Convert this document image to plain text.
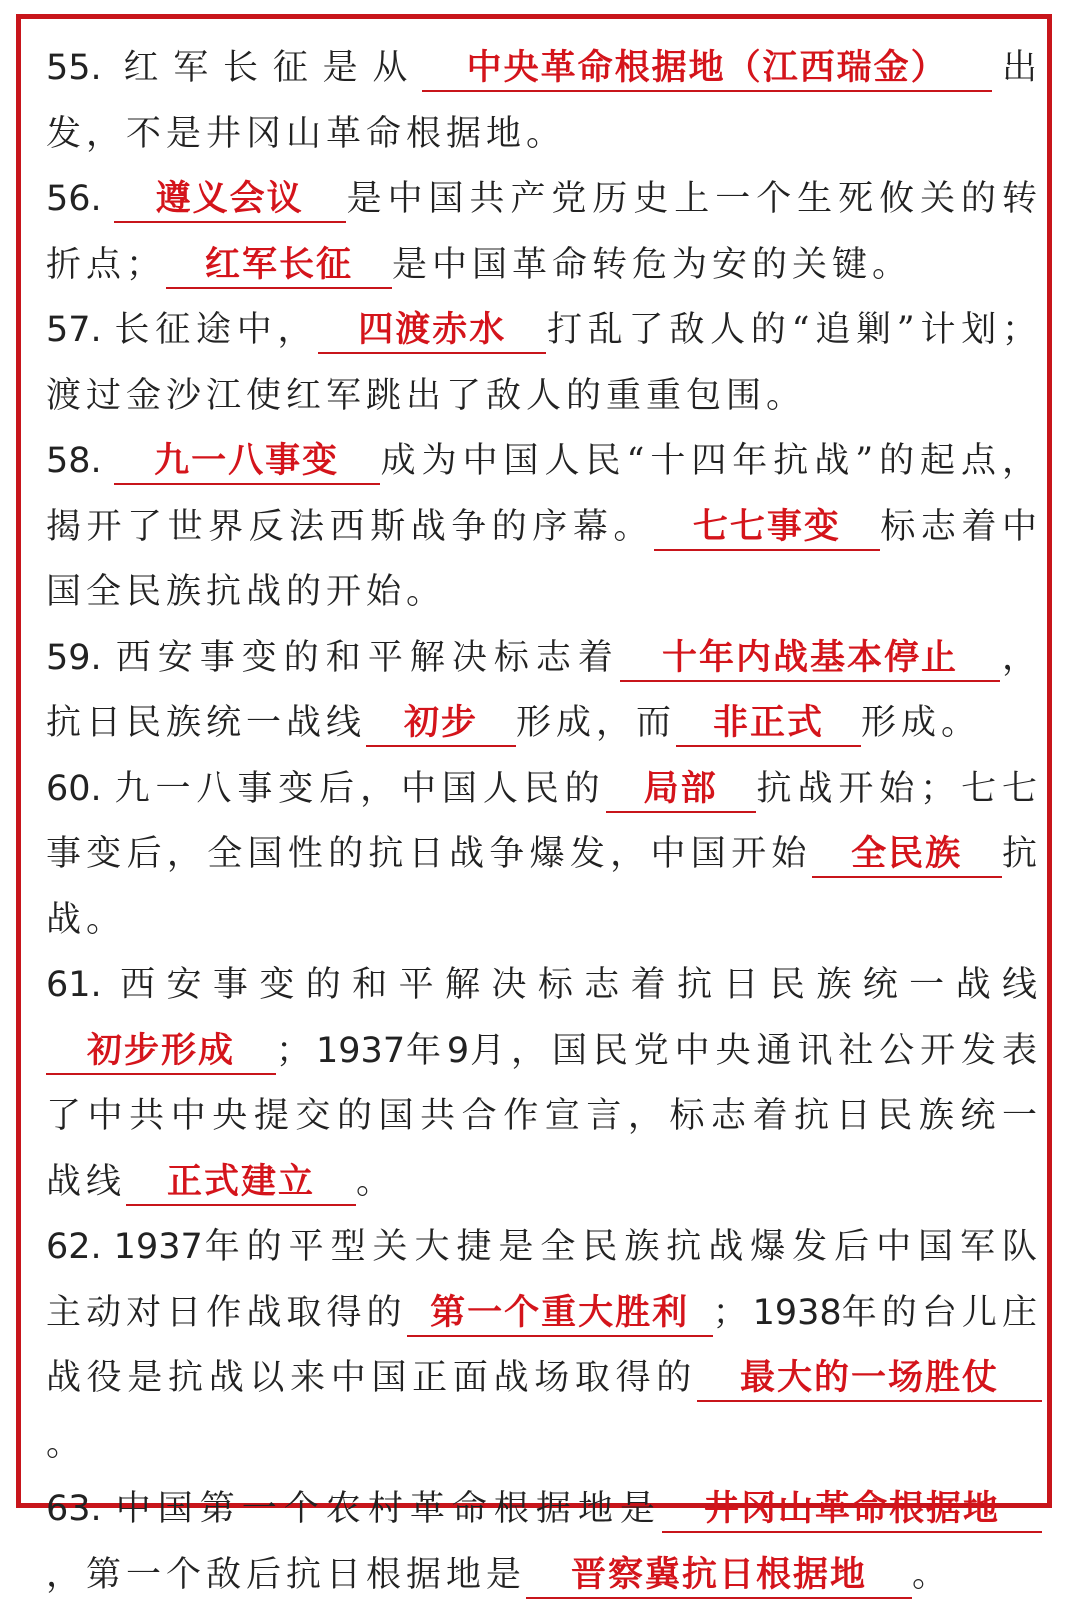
55. 红军长征是从 中央革命根据地（江西瑞金） 出发，不是井冈山革命根据地。

56. 遵义会议 是中国共产党历史上一个生死攸关的转折点； 红军长征 是中国革命转危为安的关键。

57. 长征途中， 四渡赤水 打乱了敌人的“追剿”计划；渡过金沙江使红军跳出了敌人的重重包围。

58. 九一八事变 成为中国人民“十四年抗战”的起点，揭开了世界反法西斯战争的序幕。 七七事变 标志着中国全民族抗战的开始。

59. 西安事变的和平解决标志着 十年内战基本停止 ，抗日民族统一战线 初步 形成，而 非正式 形成。

60. 九一八事变后，中国人民的 局部 抗战开始；七七事变后，全国性的抗日战争爆发，中国开始 全民族 抗战。

61. 西安事变的和平解决标志着抗日民族统一战线初步形成 ；1937年9月，国民党中央通讯社公开发表了中共中央提交的国共合作宣言，标志着抗日民族统一战线 正式建立 。

62. 1937年的平型关大捷是全民族抗战爆发后中国军队主动对日作战取得的 第一个重大胜利 ；1938年的台儿庄战役是抗战以来中国正面战场取得的 最大的一场胜仗。

63. 中国第一个农村革命根据地是 井冈山革命根据地，第一个敌后抗日根据地是 晋察冀抗日根据地 。
